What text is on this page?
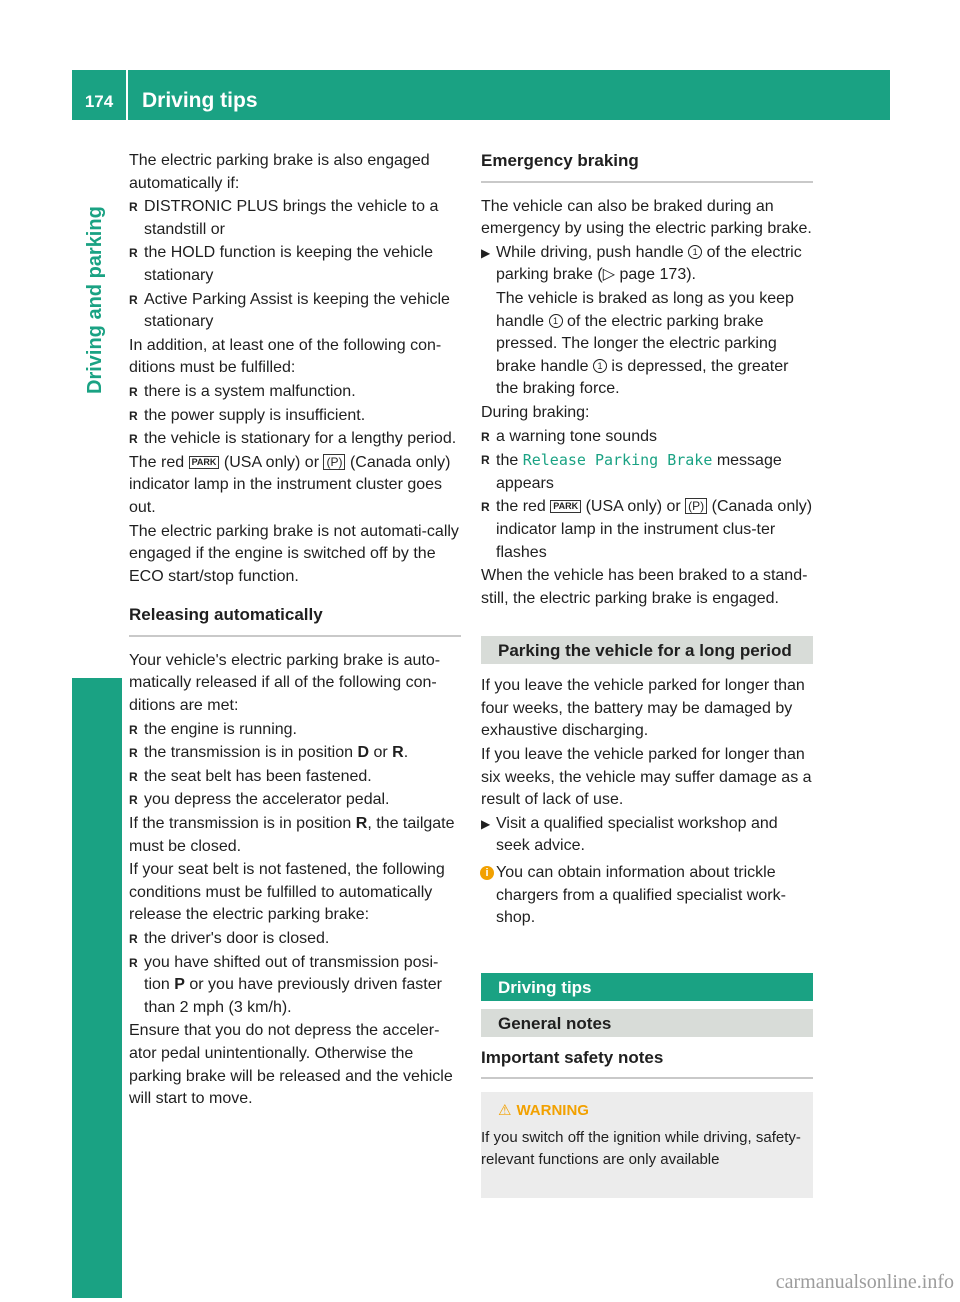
174	Driving tips
Driving and parking

The electric parking brake is also engaged automatically if:

R DISTRONIC PLUS brings the vehicle to a standstill or
R the HOLD function is keeping the vehicle stationary
R Active Parking Assist is keeping the vehicle stationary

In addition, at least one of the following con-ditions must be fulfilled:

R there is a system malfunction.
R the power supply is insufficient.
R the vehicle is stationary for a lengthy period.

The red PARK (USA only) or (P) (Canada only) indicator lamp in the instrument cluster goes out.

The electric parking brake is not automati-cally engaged if the engine is switched off by the ECO start/stop function.

Releasing automatically

Your vehicle's electric parking brake is auto-matically released if all of the following con-ditions are met:

R the engine is running.
R the transmission is in position D or R.
R the seat belt has been fastened.
R you depress the accelerator pedal.

If the transmission is in position R, the tailgate must be closed.

If your seat belt is not fastened, the following conditions must be fulfilled to automatically release the electric parking brake:

R the driver's door is closed.
R you have shifted out of transmission posi-tion P or you have previously driven faster than 2 mph (3 km/h).

Ensure that you do not depress the acceler-ator pedal unintentionally. Otherwise the parking brake will be released and the vehicle will start to move.

Emergency braking

The vehicle can also be braked during an emergency by using the electric parking brake.

▶ While driving, push handle 1 of the electric parking brake (▷ page 173).
The vehicle is braked as long as you keep handle 1 of the electric parking brake pressed. The longer the electric parking brake handle 1 is depressed, the greater the braking force.

During braking:

R a warning tone sounds
R the Release Parking Brake message appears
R the red PARK (USA only) or (P) (Canada only) indicator lamp in the instrument clus-ter flashes

When the vehicle has been braked to a stand-still, the electric parking brake is engaged.

Parking the vehicle for a long period

If you leave the vehicle parked for longer than four weeks, the battery may be damaged by exhaustive discharging.

If you leave the vehicle parked for longer than six weeks, the vehicle may suffer damage as a result of lack of use.

▶ Visit a qualified specialist workshop and seek advice.
i You can obtain information about trickle chargers from a qualified specialist work-shop.
Driving tips
General notes
Important safety notes
⚠ WARNING
If you switch off the ignition while driving, safety-relevant functions are only available
carmanualsonline.info
